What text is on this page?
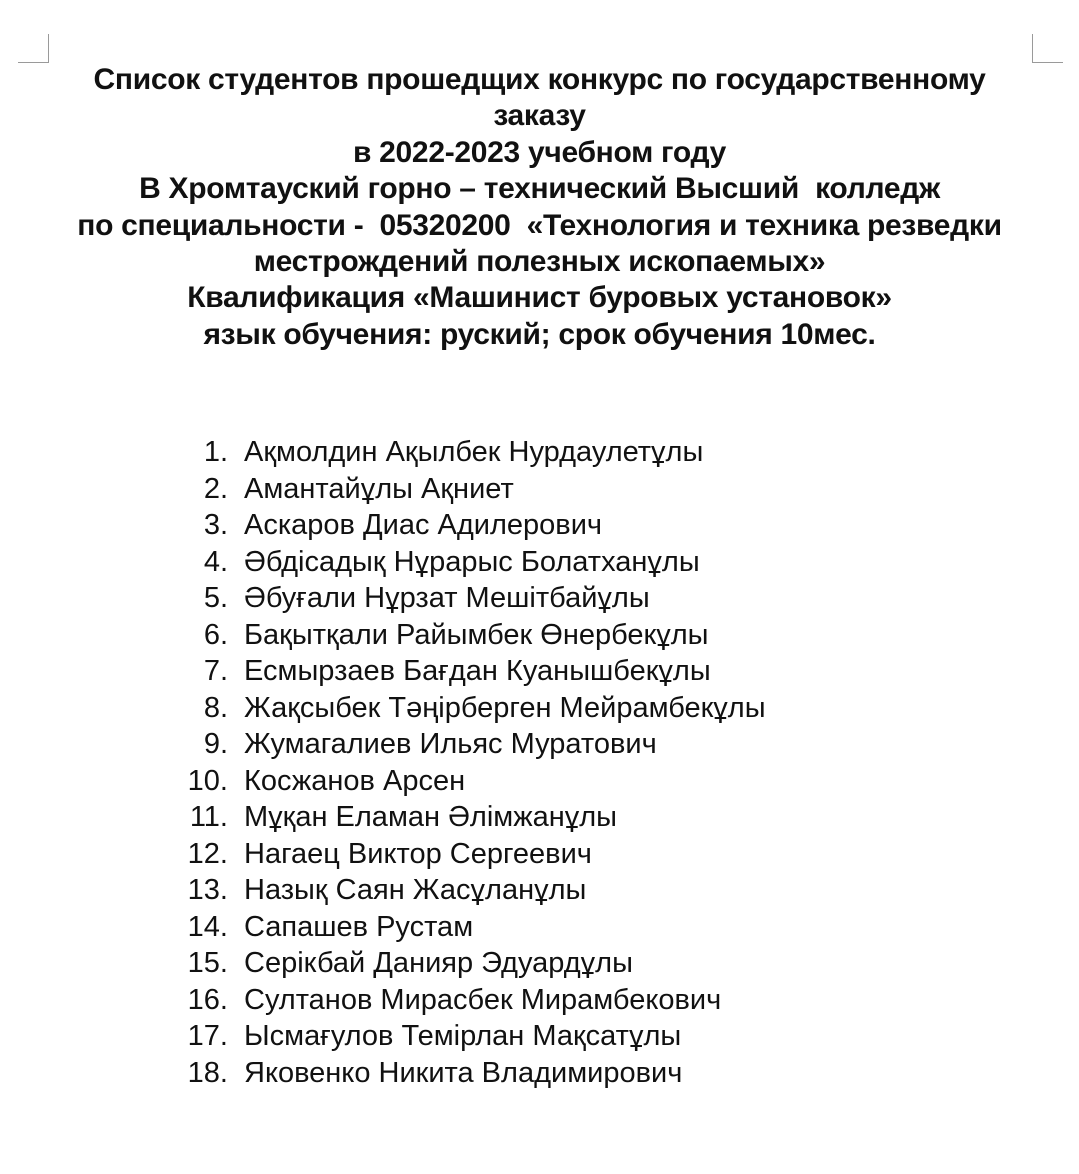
Список студентов прошедщих конкурс по государственному
заказу
в 2022-2023 учебном году
В Хромтауский горно – технический Высший  колледж
по специальности -  05320200  «Технология и техника резведки
местрождений полезных ископаемых»
Квалификация «Машинист буровых установок»
язык обучения: руский; срок обучения 10мес.
1. Ақмолдин Ақылбек Нурдаулетұлы
2. Амантайұлы Ақниет
3. Аскаров Диас Адилерович
4. Әбдісадық Нұрарыс Болатханұлы
5. Әбуғали Нұрзат Мешітбайұлы
6. Бақытқали Райымбек Өнербекұлы
7. Есмырзаев Бағдан Куанышбекұлы
8. Жақсыбек Тәңірберген Мейрамбекұлы
9. Жумагалиев Ильяс Муратович
10. Косжанов Арсен
11. Мұқан Еламан Әлімжанұлы
12. Нагаец Виктор Сергеевич
13. Назық Саян Жасұланұлы
14. Сапашев Рустам
15. Серікбай Данияр Эдуардұлы
16. Султанов Мирасбек Мирамбекович
17. Ысмағулов Темірлан Мақсатұлы
18. Яковенко Никита Владимирович
